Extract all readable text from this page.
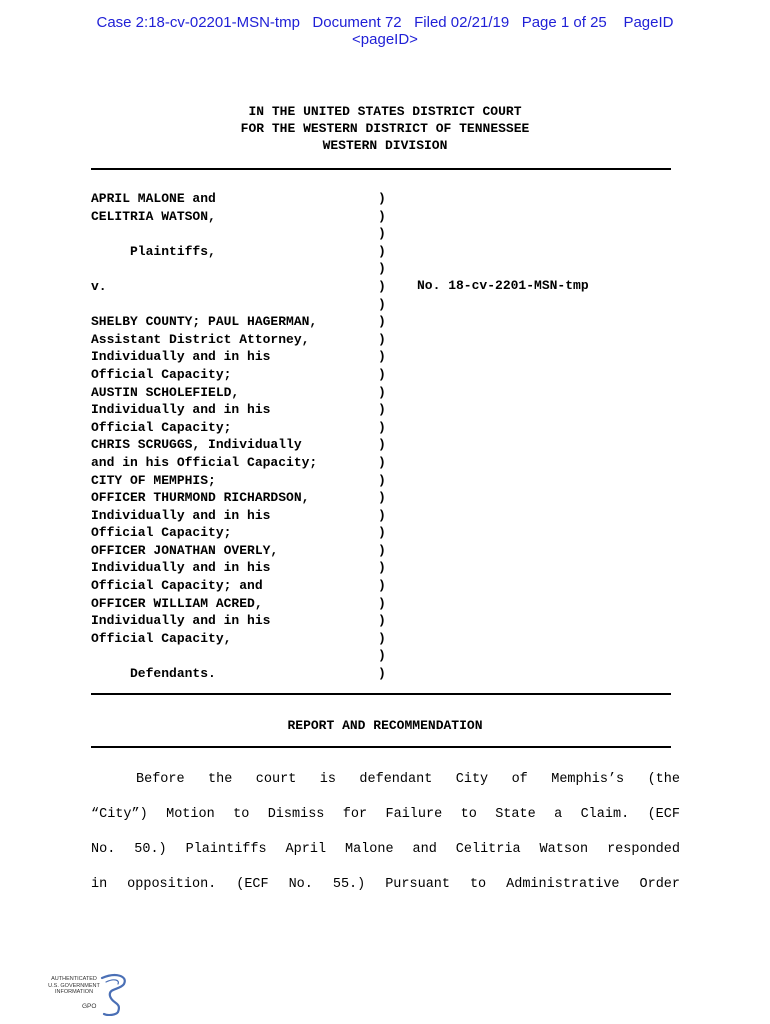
Case 2:18-cv-02201-MSN-tmp   Document 72   Filed 02/21/19   Page 1 of 25    PageID
<pageID>
IN THE UNITED STATES DISTRICT COURT
FOR THE WESTERN DISTRICT OF TENNESSEE
WESTERN DIVISION
APRIL MALONE and
CELITRIA WATSON,

Plaintiffs,

v.

SHELBY COUNTY; PAUL HAGERMAN,
Assistant District Attorney,
Individually and in his
Official Capacity;
AUSTIN SCHOLEFIELD,
Individually and in his
Official Capacity;
CHRIS SCRUGGS, Individually
and in his Official Capacity;
CITY OF MEMPHIS;
OFFICER THURMOND RICHARDSON,
Individually and in his
Official Capacity;
OFFICER JONATHAN OVERLY,
Individually and in his
Official Capacity; and
OFFICER WILLIAM ACRED,
Individually and in his
Official Capacity,

Defendants.
)
)
)
)
)
)
)
)
)
)
)
)
)
)
)
)
)
)
)
)
)
)
)
)
)
)
)
)
No. 18-cv-2201-MSN-tmp
REPORT AND RECOMMENDATION
Before the court is defendant City of Memphis’s (the
“City”) Motion to Dismiss for Failure to State a Claim. (ECF
No. 50.) Plaintiffs April Malone and Celitria Watson responded
in opposition. (ECF No. 55.) Pursuant to Administrative Order
AUTHENTICATED
U.S. GOVERNMENT
INFORMATION
GPO
